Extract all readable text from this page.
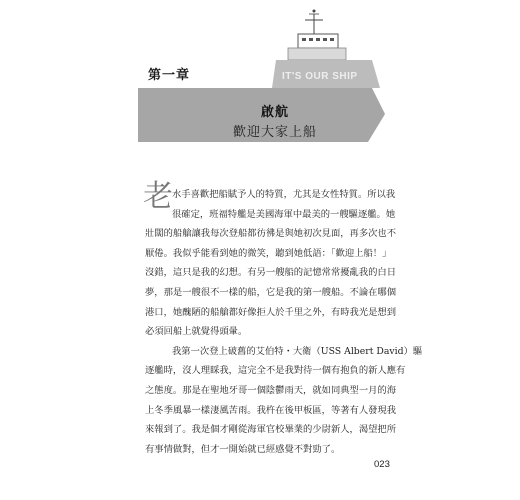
第一章	IT'S OUR SHIP
啟航
歡迎大家上船
老 水手喜歡把船賦予人的特質，尤其是女性特質。所以我
很確定，班福特艦是美國海軍中最美的一艘驅逐艦。她
壯闊的船艙讓我每次登船都彷彿是與她初次見面，再多次也不
厭倦。我似乎能看到她的微笑，聽到她低語：「歡迎上船！」
沒錯，這只是我的幻想。有另一艘船的記憶常常擾亂我的白日
夢，那是一艘很不一樣的船，它是我的第一艘船。不論在哪個
港口，她醜陋的船艙都好像拒人於千里之外，有時我光是想到
必須回船上就覺得頭暈。
我第一次登上破舊的艾伯特・大衛（USS Albert David）驅
逐艦時，沒人理睬我，這完全不是我對待一個有抱負的新人應有
之態度。那是在聖地牙哥一個陰鬱雨天，就如同典型一月的海
上冬季風暴一樣淒風苦雨。我杵在後甲板區，等著有人發現我
來報到了。我是個才剛從海軍官校畢業的少尉新人，渴望把所
有事情做對，但才一開始就已經感覺不對勁了。
023
